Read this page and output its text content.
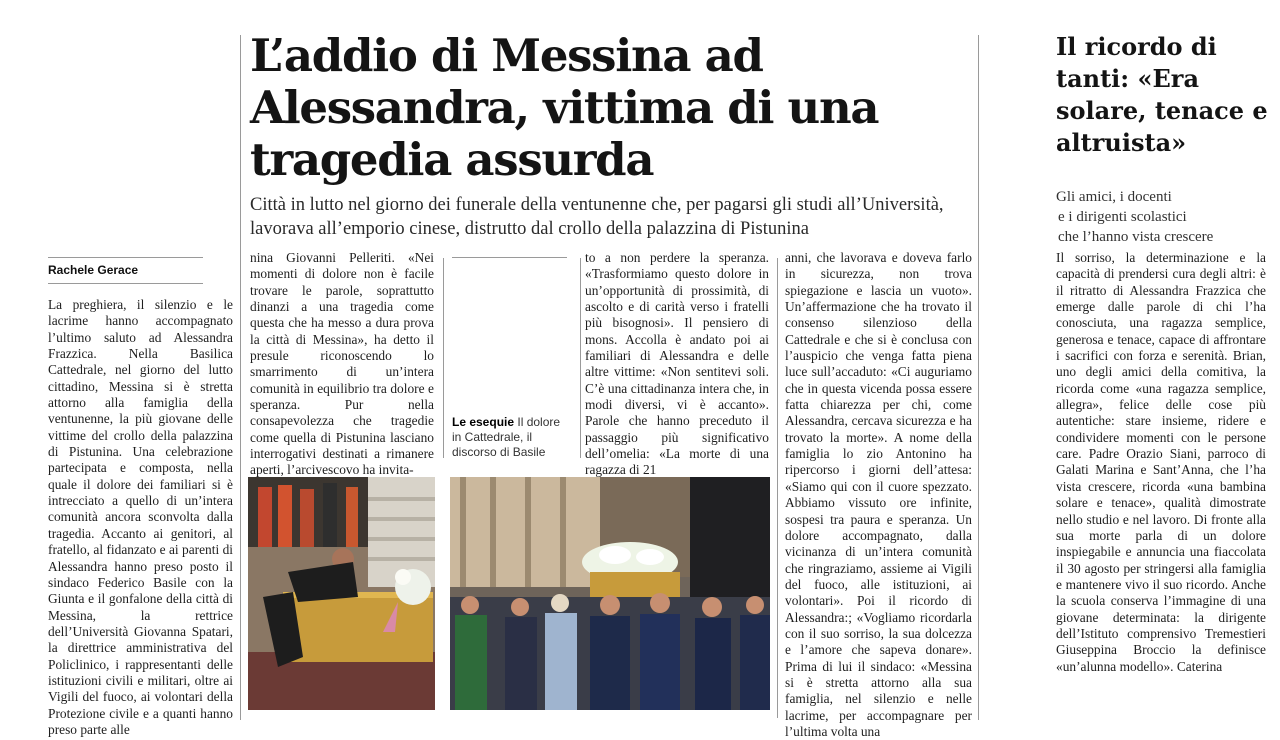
L’addio di Messina ad Alessandra, vittima di una tragedia assurda
Il ricordo di tanti: «Era solare, tenace e altruista»
Gli amici, i docenti
e i dirigenti scolastici
che l’hanno vista crescere

Città in lutto nel giorno dei funerale della ventunenne che, per pagarsi gli studi all’Università, lavorava all’emporio cinese, distrutto dal crollo della palazzina di Pistunina

Rachele Gerace

La preghiera, il silenzio e le lacrime hanno accompagnato l’ultimo saluto ad Alessandra Frazzica. Nella Basilica Cattedrale, nel giorno del lutto cittadino, Messina si è stretta attorno alla famiglia della ventunenne, la più giovane delle vittime del crollo della palazzina di Pistunina. Una celebrazione partecipata e composta, nella quale il dolore dei familiari si è intrecciato a quello di un’intera comunità ancora sconvolta dalla tragedia. Accanto ai genitori, al fratello, al fidanzato e ai parenti di Alessandra hanno preso posto il sindaco Federico Basile con la Giunta e il gonfalone della città di Messina, la rettrice dell’Università Giovanna Spatari, la direttrice amministrativa del Policlinico, i rappresentanti delle istituzioni civili e militari, oltre ai Vigili del fuoco, ai volontari della Protezione civile e a quanti hanno preso parte alle

nina Giovanni Pelleriti. «Nei momenti di dolore non è facile trovare le parole, soprattutto dinanzi a una tragedia come questa che ha messo a dura prova la città di Messina», ha detto il presule riconoscendo lo smarrimento di un’intera comunità in equilibrio tra dolore e speranza. Pur nella consapevolezza che tragedie come quella di Pistunina lasciano interrogativi destinati a rimanere aperti, l’arcivescovo ha invita-

to a non perdere la speranza. «Trasformiamo questo dolore in un’opportunità di prossimità, di ascolto e di carità verso i fratelli più bisognosi». Il pensiero di mons. Accolla è andato poi ai familiari di Alessandra e delle altre vittime: «Non sentitevi soli. C’è una cittadinanza intera che, in modi diversi, vi è accanto». Parole che hanno preceduto il passaggio più significativo dell’omelia: «La morte di una ragazza di 21

anni, che lavorava e doveva farlo in sicurezza, non trova spiegazione e lascia un vuoto». Un’affermazione che ha trovato il consenso silenzioso della Cattedrale e che si è conclusa con l’auspicio che venga fatta piena luce sull’accaduto: «Ci auguriamo che in questa vicenda possa essere fatta chiarezza per chi, come Alessandra, cercava sicurezza e ha trovato la morte». A nome della famiglia lo zio Antonino ha ripercorso i giorni dell’attesa: «Siamo qui con il cuore spezzato. Abbiamo vissuto ore infinite, sospesi tra paura e speranza. Un dolore accompagnato, dalla vicinanza di un’intera comunità che ringraziamo, assieme ai Vigili del fuoco, alle istituzioni, ai volontari». Poi il ricordo di Alessandra:; «Vogliamo ricordarla con il suo sorriso, la sua dolcezza e l’amore che sapeva donare». Prima di lui il sindaco: «Messina si è stretta attorno alla sua famiglia, nel silenzio e nelle lacrime, per accompagnare per l’ultima volta una

Il sorriso, la determinazione e la capacità di prendersi cura degli altri: è il ritratto di Alessandra Frazzica che emerge dalle parole di chi l’ha conosciuta, una ragazza semplice, generosa e tenace, capace di affrontare i sacrifici con forza e serenità. Brian, uno degli amici della comitiva, la ricorda come «una ragazza semplice, allegra», felice delle cose più autentiche: stare insieme, ridere e condividere momenti con le persone care. Padre Orazio Siani, parroco di Galati Marina e Sant’Anna, che l’ha vista crescere, ricorda «una bambina solare e tenace», qualità dimostrate nello studio e nel lavoro. Di fronte alla sua morte parla di un dolore inspiegabile e annuncia una fiaccolata il 30 agosto per stringersi alla famiglia e mantenere vivo il suo ricordo. Anche la scuola conserva l’immagine di una giovane determinata: la dirigente dell’Istituto comprensivo Tremestieri Giuseppina Broccio la definisce «un’alunna modello». Caterina

Le esequie Il dolore in Cattedrale, il discorso di Basile
